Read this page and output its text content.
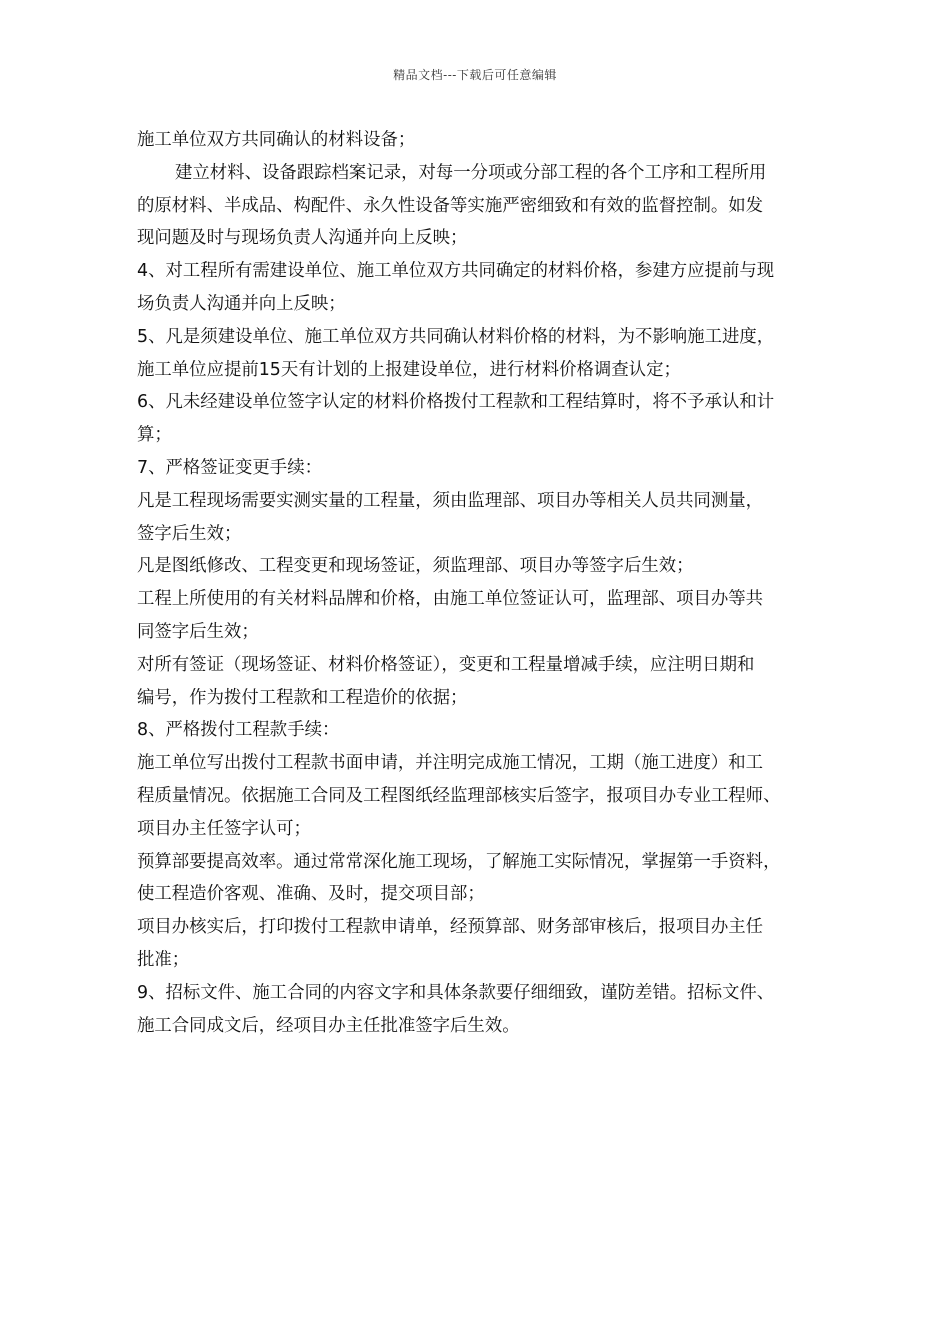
精品文档---下载后可任意编辑
施工单位双方共同确认的材料设备；
建立材料、设备跟踪档案记录，对每一分项或分部工程的各个工序和工程所用
的原材料、半成品、构配件、永久性设备等实施严密细致和有效的监督控制。如发
现问题及时与现场负责人沟通并向上反映；
4、对工程所有需建设单位、施工单位双方共同确定的材料价格，参建方应提前与现
场负责人沟通并向上反映；
5、凡是须建设单位、施工单位双方共同确认材料价格的材料，为不影响施工进度，
施工单位应提前15天有计划的上报建设单位，进行材料价格调查认定；
6、凡未经建设单位签字认定的材料价格拨付工程款和工程结算时，将不予承认和计
算；
7、严格签证变更手续：
凡是工程现场需要实测实量的工程量，须由监理部、项目办等相关人员共同测量，
签字后生效；
凡是图纸修改、工程变更和现场签证，须监理部、项目办等签字后生效；
工程上所使用的有关材料品牌和价格，由施工单位签证认可，监理部、项目办等共
同签字后生效；
对所有签证（现场签证、材料价格签证），变更和工程量增减手续，应注明日期和
编号，作为拨付工程款和工程造价的依据；
8、严格拨付工程款手续：
施工单位写出拨付工程款书面申请，并注明完成施工情况，工期（施工进度）和工
程质量情况。依据施工合同及工程图纸经监理部核实后签字，报项目办专业工程师、
项目办主任签字认可；
预算部要提高效率。通过常常深化施工现场，了解施工实际情况，掌握第一手资料，
使工程造价客观、准确、及时，提交项目部；
项目办核实后，打印拨付工程款申请单，经预算部、财务部审核后，报项目办主任
批准；
9、招标文件、施工合同的内容文字和具体条款要仔细细致，谨防差错。招标文件、
施工合同成文后，经项目办主任批准签字后生效。
